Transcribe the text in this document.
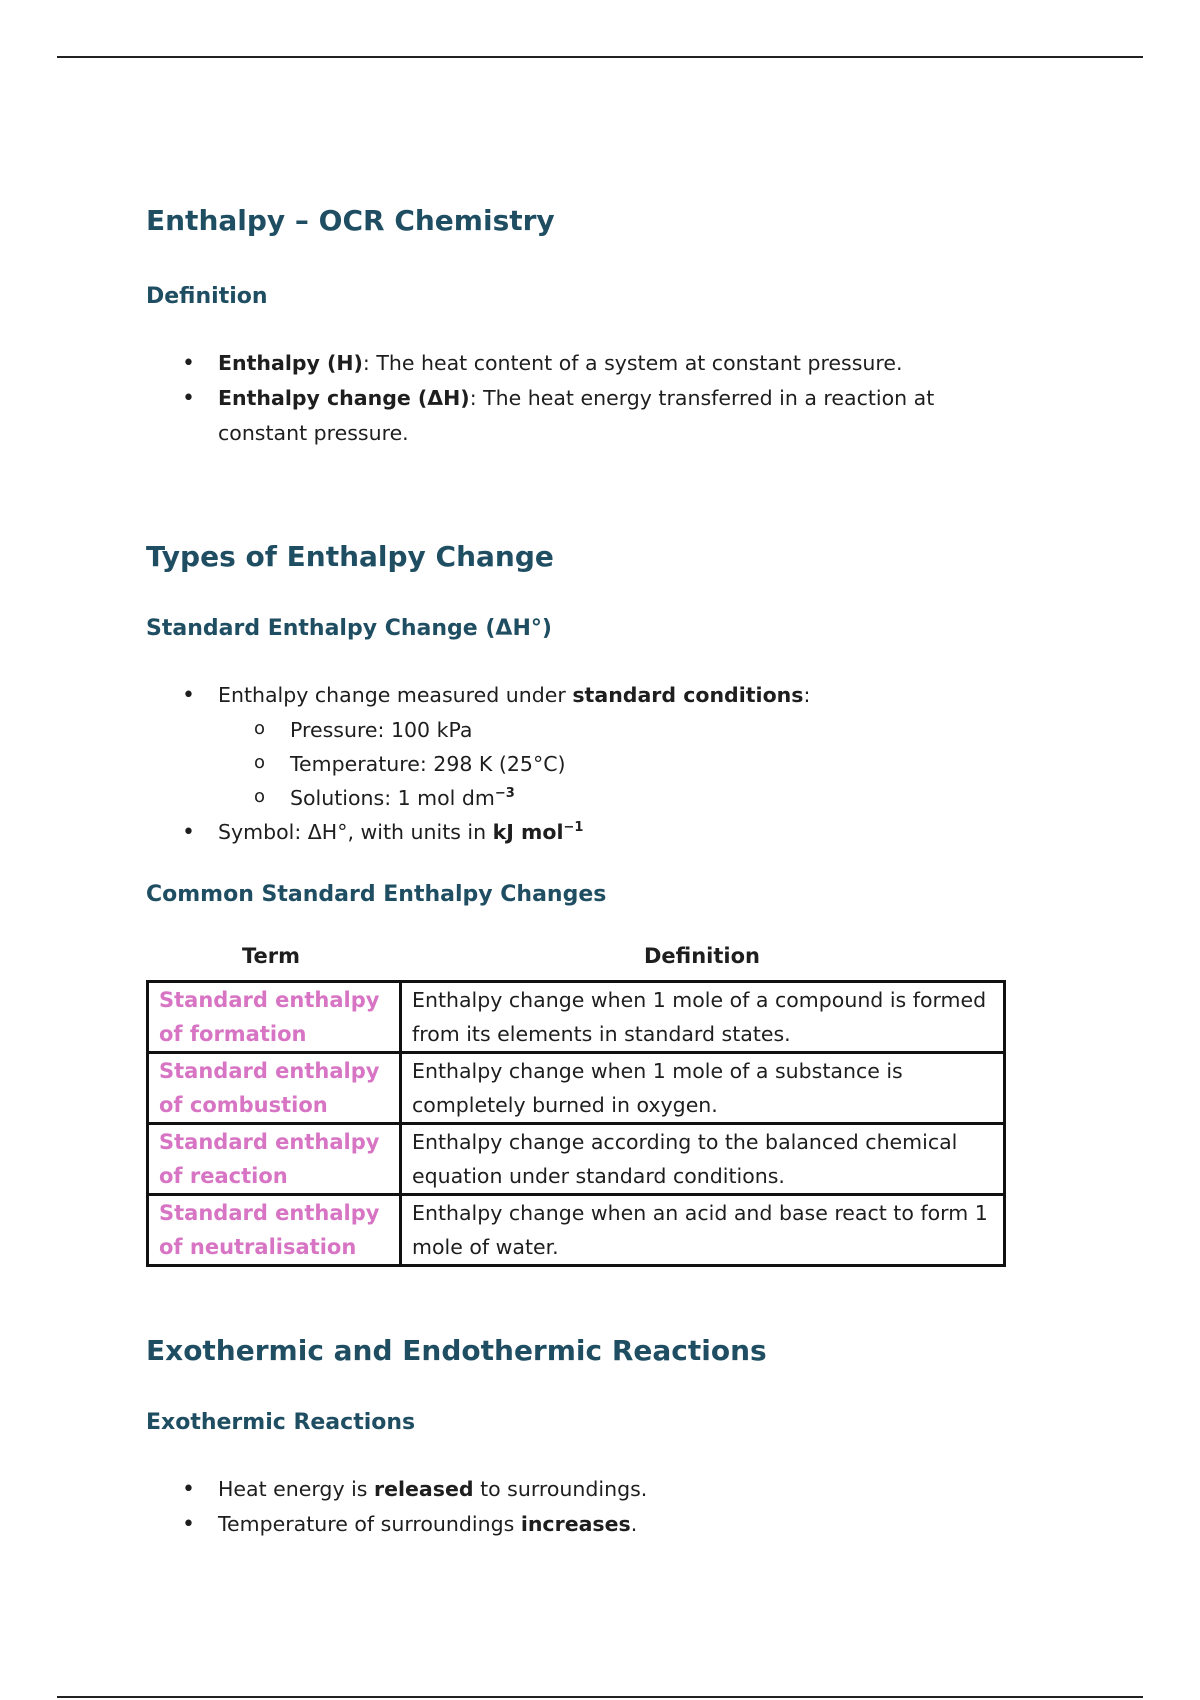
Enthalpy – OCR Chemistry
Definition
• Enthalpy (H): The heat content of a system at constant pressure.
• Enthalpy change (ΔH): The heat energy transferred in a reaction at constant pressure.
Types of Enthalpy Change
Standard Enthalpy Change (ΔH°)
• Enthalpy change measured under standard conditions:
o Pressure: 100 kPa
o Temperature: 298 K (25°C)
o Solutions: 1 mol $dm^{-3}$
• Symbol: ΔH°, with units in kJ mol$^{-1}$
Common Standard Enthalpy Changes
Term	Definition
Standard enthalpy of formation	Enthalpy change when 1 mole of a compound is formed from its elements in standard states.
Standard enthalpy of combustion	Enthalpy change when 1 mole of a substance is completely burned in oxygen.
Standard enthalpy of reaction	Enthalpy change according to the balanced chemical equation under standard conditions.
Standard enthalpy of neutralisation	Enthalpy change when an acid and base react to form 1 mole of water.
Exothermic and Endothermic Reactions
Exothermic Reactions
• Heat energy is released to surroundings.
• Temperature of surroundings increases.
